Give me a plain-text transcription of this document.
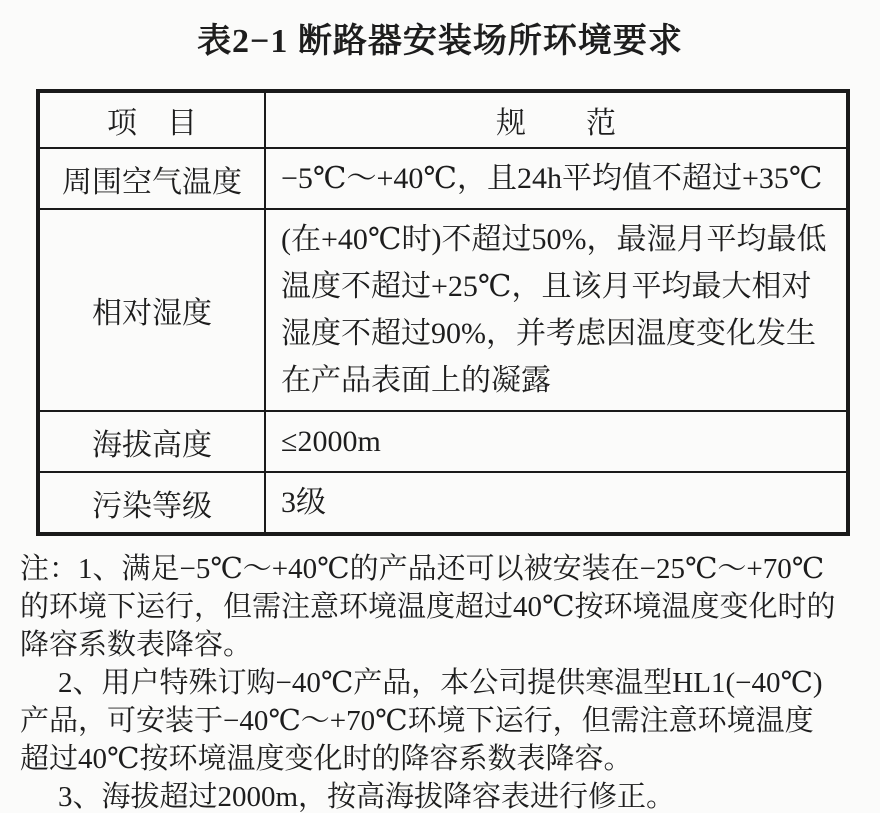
表2−1 断路器安装场所环境要求
项　目	规　　范
周围空气温度	−5℃～+40℃，且24h平均值不超过+35℃
相对湿度	(在+40℃时)不超过50%，最湿月平均最低温度不超过+25℃，且该月平均最大相对湿度不超过90%，并考虑因温度变化发生在产品表面上的凝露
海拔高度	≤2000m
污染等级	3级
注：1、满足−5℃～+40℃的产品还可以被安装在−25℃～+70℃
的环境下运行，但需注意环境温度超过40℃按环境温度变化时的
降容系数表降容。
2、用户特殊订购−40℃产品，本公司提供寒温型HL1(−40℃)
产品，可安装于−40℃～+70℃环境下运行，但需注意环境温度
超过40℃按环境温度变化时的降容系数表降容。
3、海拔超过2000m，按高海拔降容表进行修正。
